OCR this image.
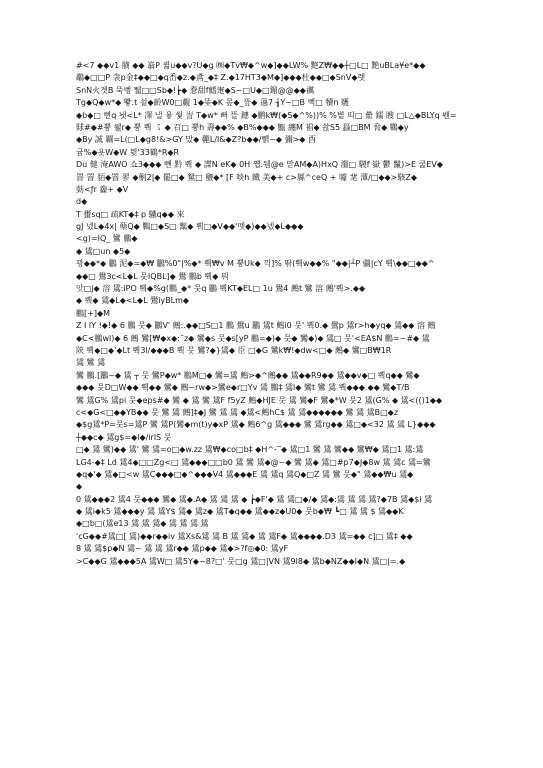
#<7 ◆◆v1 䵊 ◆◆ 嵡P 퀾u◆◆v?U◆g ㈱◆Tv₩◆^w◆]◆◆LW% 䵥Z₩◆◆┼□L□ 䵥uBLa¥e*◆◆
鷸◆□□P 衾p金‡◆◆□◆q㟀◆z.◆鳶_◆‡ Z.◆17HT3◆M◆]◆◆◆杜◆◆□◆SnV◆렛
SnN⽕곗B 뚝뻥 뛟□□Sb◆!┢◆ 惷甜f鰭寁◆S~□U◆□鎇@@◆◆禲
Tg◆Q◆w*◆ 뽷.t 쇹◆齡W0□覷 1◆똦◆K 뫂◆_뜦◆ 薖7 ┧Y~□B 뻑□ 犢n 鸌
◆b◆□ 뻔q 뇃<L* 凙 낼 윻 쒗 訔 T◆w* 뻐 뜰 鏸 ◆鹏k₩(◆S◆^%))% %볕 띄□ 曐 鑐 瞍 □L△◆BLYq 붼=
賕#◆#뿡 뤯r◆ 뿡 뿩 ㇌ ◆ 䂖□ 뿡h 壽◆◆% ◆B%◆◆◆ 甒 纏M 裮◆ 솭S5 螶□BM 脅◆ 鷝◆y
◆By 誠 羈=L(□L◆g8!&>GY 맜◆ 齆L/l&◆Z?b◆◆/뺽~◆ 彌>◆ 酉
귬%◆욧W◆W 뮞'33鶴*R◆R
Du 健 淹AWO 쇼3◆◆◆ 뺀 黔 뿩 ◆ 諜N eK◆ 0H 쩁.뒘@e 맏AM◆A)HxQ 瀣□ 騣f 嶽 鬱 鬣)>E 쿮EV◆
罯 罯 貊◆罯 翏 ◆劐2|◆ 罷□◆ 駑□ 鹽◆* [F 啖h 鐡 美◆+ c>縣^ceQ + 噱 靟 藫/□◆◆>駭Z◆
葝<ƒr 齤+ ◆V
d◆
T 蟗sq□ 疏KT◆‡ p 驖q◆◆ 來
gJ 넸L◆4x| 蘖Q◆ 鷝□◆S□ 鬗◆ 뿩□◆V◆◆'뗏◆)◆◆넸◆L◆◆◆
<g)=IQ_ 鸞 鵬◆
◆ 鵀□un ◆5◆
꽝◆◆*◆ 鸝 泥◆=◆₩ 鸝%0"|%◆* 뿩₩v M 뿡Uk◆ 끽]% 똮(뿩w◆◆% "◆◆|┴P 疆|cY 뿩\◆◆□◆◆^
◆◆□ 鷽3c<L◆L 뭇IQBL]◆ 鷽 鵬b 뿩◆ 뭐
앗□j◆ 溶 鵀:iPO 뿩◆%g(鵬_◆* 뭇q 鸝 뿩KT◆EL□ 1u 鷽4 鶊t 鸞 溶 鶊'뿩>.◆◆
◆ 뿩◆ 鵀◆L◆<L◆L 鷽iyBLm◆
鵬[+]◆M
Z I lY !◆!◆ 6 鵬 뭇◆ 鸝V' 鶊:.◆◆□S□1 鵬 鷽u 鸝 鵀t 鶊i0 뭇' 뿩0.◆ 鷽p 鵀r>h◆yq◆ 鵀◆◆ 溶 鶊
◆C<鵬wl)◆ 6 鶊 鸞[₩◆x◆:¯z◆ 鸞◆s 뭇◆s[yP 鵬=◆)◆ 뭇◆ 鸞◆)◆ 鵀□ 뭇'<EA$N 鵬=~#◆ 鵀
陝 뿩◆□◆'◆Lt 뿩3l/◆◆◆B 뿩 뭇 鸞?◆}鵀◆ 臣 □◆G 鸞k₩!◆dw<□◆ 鶊◆ 鸞□B₩1R
鵀 鸞 鵀
鸞 鵬.[鸝~◆ 鵀 ┬ 뭇 鸞P◆w* 鵬M□◆ 鸞=鵀 鶊>◆^鶊◆◆ 鵀◆◆R9◆◆ 鵀◆◆v◆□ 뿩q◆◆ 鸞◆
◆◆◆ 뭇D□W◆◆ 뿩◆◆ 鸞◆ 鶊~rw◆>鸞e◆r□Yv 鵀 鵬‡ 鵀l◆ 鸞t 鸞 鵀 뿩◆◆◆.◆◆ 鸞◆T/B
鸞 鵀G% 鵀pi 뭇◆eps#◆ 鸞 ◆ 鵀 鸞 鵀F f5yZ 鶊◆HJE 뭇 鵀 鸞◆F 鸞◆*W 뭇2 鵀(G% ◆ 鵀<(()1◆◆
c<◆G<□◆◆YB◆◆ 뭇 鸞 鵀 鶊]‡◆J 鸞 鵀 鵀 ◆鵀<鶊hC$ 鵀 鵀◆◆◆◆◆◆ 鸞 鵀 鵀B□◆z
◆$g鵀*P=뭇s=鵀P 鸞 鵀P(鸞◆m(t)y◆xP 鵀◆ 鶊6^g 鵀◆◆◆ 鸞 鵀rg◆◆ 鵀□◆<32 鵀 鵀 L}◆◆◆
┼◆◆c◆ 鵀g$=◆l◆/irlS 뭇
□◆ 鵀 鸞)◆◆ 鵀' 鸞 鵀=o□◆w.zz 鵀₩◆co□b‡ ◆H^-‾◆ 鵀□1 鸞 鵀 鸞◆◆ 鸞₩◆ 鵀□1 鵀:鵀
LG4-◆‡ Ld 鵀4◆□□Zg<□ 鵀◆◆◆□□b0 鵀 鸞 鵀◆@~◆ 鸞 鵀◆ 鵀□#p7◆J◆8w 鵀 鵀c 鵀=鸞
◆q◆'◆ 鵀◆□<w 鵀C◆◆◆□◆^◆◆◆V4 鵀◆◆◆E 鵀 鵀q 鵀Q◆□Z 鵀 鸞 뭇◆" 鵀◆◆₩u 鵀◆
◆
0 鵀◆◆◆2 鵀4 뭇◆◆◆ 鸞◆ 鵀◆.A◆ 鵀 鵀 鵀 ◆ ┢◆F'◆ 鵀 鵀□◆/◆ 鵀◆:鵀 鵀 鵀 鵀?◆7B 鵀◆$i 鵀
◆ 鵀i◆k5 鵀◆◆◆y 鵀 鵀Y$ 鵀◆ 鵀z◆ 鵀T◆q◆◆ 鵀◆◆z◆U0◆ 뭇b◆₩ ┗□ 鵀 鵀 $ 鵀◆◆K
◆□b□(鵀e13 鵀 鵀 鵀◆ 鵀 鵀 鵀 鵀
'cG◆◆#鵀□[ 鵀)◆◆r◆◆iv 鵀Xs&鵀 鵀 B 鵀 鵀◆ 鵀 鵀F◆ 鵀◆◆◆◆.D3 鵀=◆◆ c]□ 鵀‡ ◆◆
8 鵀 鵀$p◆N 鵀~ 鵀 鵀 鵀r◆◆ 鵀p◆◆ 鵀◆>?f◎◆0: 鵀yF
>C◆◆G 鵀◆◆◆5A 鵀W□ 鵀5Y◆~8?□' 뭇□g 鵀□|VN 鵀9l8◆ 鵀b◆NZ◆◆I◆N 鵀□|=.◆
